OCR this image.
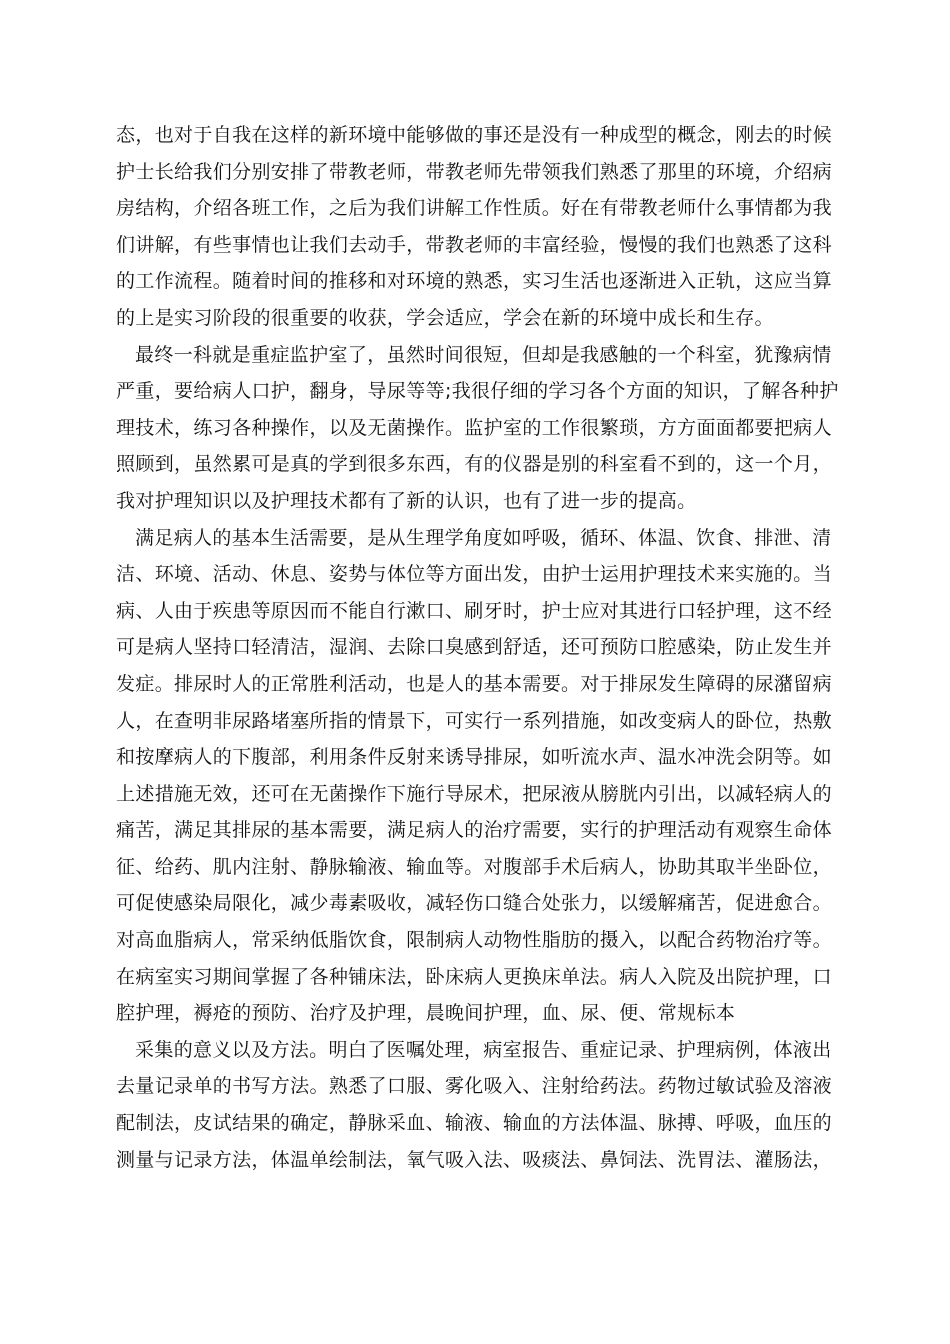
态，也对于自我在这样的新环境中能够做的事还是没有一种成型的概念，刚去的时候
护士长给我们分别安排了带教老师，带教老师先带领我们熟悉了那里的环境，介绍病
房结构，介绍各班工作，之后为我们讲解工作性质。好在有带教老师什么事情都为我
们讲解，有些事情也让我们去动手，带教老师的丰富经验，慢慢的我们也熟悉了这科
的工作流程。随着时间的推移和对环境的熟悉，实习生活也逐渐进入正轨，这应当算
的上是实习阶段的很重要的收获，学会适应，学会在新的环境中成长和生存。
最终一科就是重症监护室了，虽然时间很短，但却是我感触的一个科室，犹豫病情
严重，要给病人口护，翻身，导尿等等;我很仔细的学习各个方面的知识，了解各种护
理技术，练习各种操作，以及无菌操作。监护室的工作很繁琐，方方面面都要把病人
照顾到，虽然累可是真的学到很多东西，有的仪器是别的科室看不到的，这一个月，
我对护理知识以及护理技术都有了新的认识，也有了进一步的提高。
满足病人的基本生活需要，是从生理学角度如呼吸，循环、体温、饮食、排泄、清
洁、环境、活动、休息、姿势与体位等方面出发，由护士运用护理技术来实施的。当
病、人由于疾患等原因而不能自行漱口、刷牙时，护士应对其进行口轻护理，这不经
可是病人坚持口轻清洁，湿润、去除口臭感到舒适，还可预防口腔感染，防止发生并
发症。排尿时人的正常胜利活动，也是人的基本需要。对于排尿发生障碍的尿潴留病
人，在查明非尿路堵塞所指的情景下，可实行一系列措施，如改变病人的卧位，热敷
和按摩病人的下腹部，利用条件反射来诱导排尿，如听流水声、温水冲洗会阴等。如
上述措施无效，还可在无菌操作下施行导尿术，把尿液从膀胱内引出，以减轻病人的
痛苦，满足其排尿的基本需要，满足病人的治疗需要，实行的护理活动有观察生命体
征、给药、肌内注射、静脉输液、输血等。对腹部手术后病人，协助其取半坐卧位，
可促使感染局限化，减少毒素吸收，减轻伤口缝合处张力，以缓解痛苦，促进愈合。
对高血脂病人，常采纳低脂饮食，限制病人动物性脂肪的摄入，以配合药物治疗等。
在病室实习期间掌握了各种铺床法，卧床病人更换床单法。病人入院及出院护理，口
腔护理，褥疮的预防、治疗及护理，晨晚间护理，血、尿、便、常规标本
采集的意义以及方法。明白了医嘱处理，病室报告、重症记录、护理病例，体液出
去量记录单的书写方法。熟悉了口服、雾化吸入、注射给药法。药物过敏试验及溶液
配制法，皮试结果的确定，静脉采血、输液、输血的方法体温、脉搏、呼吸，血压的
测量与记录方法，体温单绘制法，氧气吸入法、吸痰法、鼻饲法、洗胃法、灌肠法，
